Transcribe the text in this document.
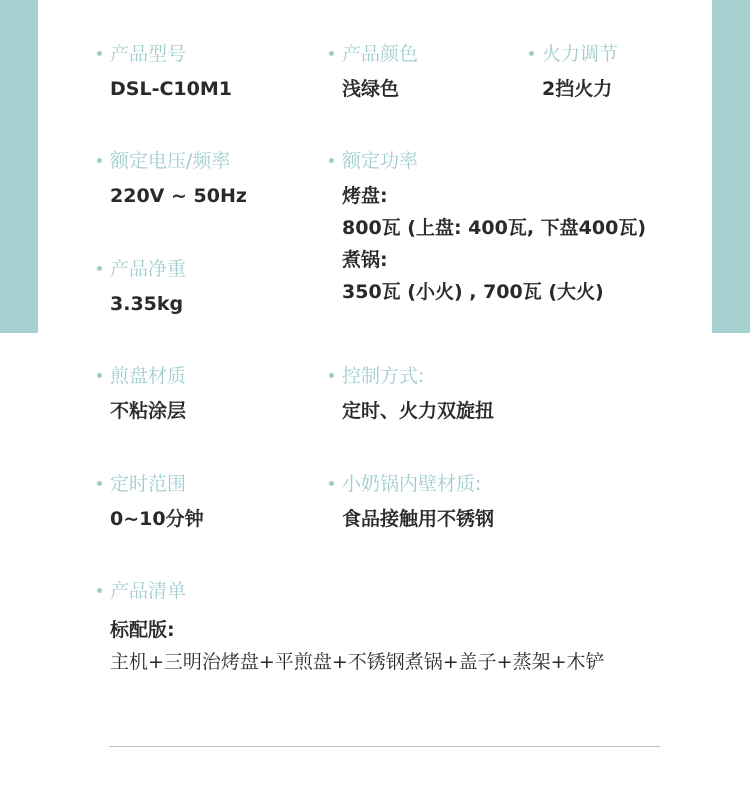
产品型号
DSL-C10M1
产品颜色
浅绿色
火力调节
2挡火力
额定电压/频率
220V ~ 50Hz
额定功率
烤盘:
800瓦 (上盘: 400瓦, 下盘400瓦)
煮锅:
350瓦 (小火) , 700瓦 (大火)
产品净重
3.35kg
煎盘材质
不粘涂层
控制方式:
定时、火力双旋扭
定时范围
0~10分钟
小奶锅内壁材质:
食品接触用不锈钢
产品清单
标配版:
主机+三明治烤盘+平煎盘+不锈钢煮锅+盖子+蒸架+木铲
